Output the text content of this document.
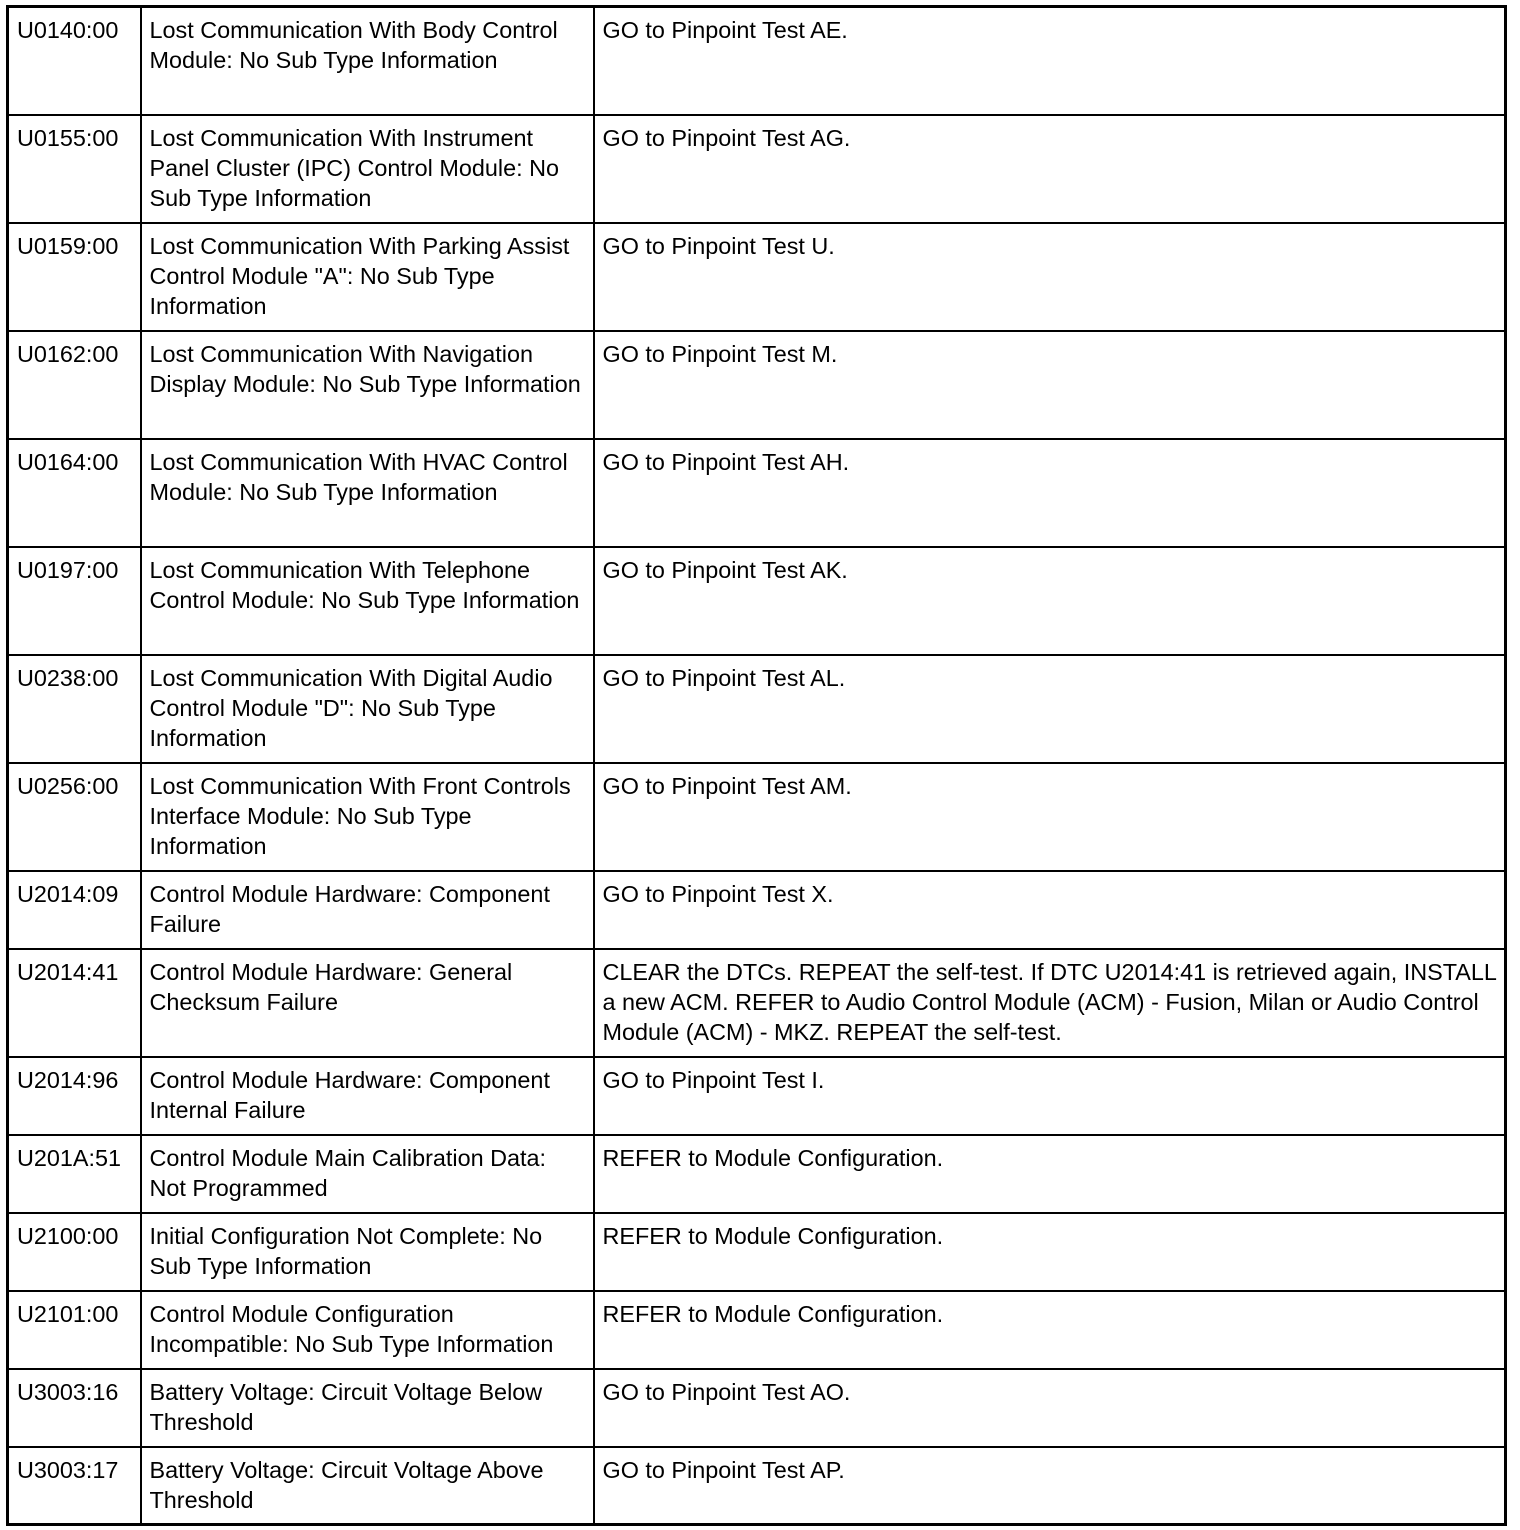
U0140:00	Lost Communication With Body Control Module: No Sub Type Information	GO to Pinpoint Test AE.
U0155:00	Lost Communication With Instrument Panel Cluster (IPC) Control Module: No Sub Type Information	GO to Pinpoint Test AG.
U0159:00	Lost Communication With Parking Assist Control Module "A": No Sub Type Information	GO to Pinpoint Test U.
U0162:00	Lost Communication With Navigation Display Module: No Sub Type Information	GO to Pinpoint Test M.
U0164:00	Lost Communication With HVAC Control Module: No Sub Type Information	GO to Pinpoint Test AH.
U0197:00	Lost Communication With Telephone Control Module: No Sub Type Information	GO to Pinpoint Test AK.
U0238:00	Lost Communication With Digital Audio Control Module "D": No Sub Type Information	GO to Pinpoint Test AL.
U0256:00	Lost Communication With Front Controls Interface Module: No Sub Type Information	GO to Pinpoint Test AM.
U2014:09	Control Module Hardware: Component Failure	GO to Pinpoint Test X.
U2014:41	Control Module Hardware: General Checksum Failure	CLEAR the DTCs. REPEAT the self-test. If DTC U2014:41 is retrieved again, INSTALL a new ACM. REFER to Audio Control Module (ACM) - Fusion, Milan or Audio Control Module (ACM) - MKZ. REPEAT the self-test.
U2014:96	Control Module Hardware: Component Internal Failure	GO to Pinpoint Test I.
U201A:51	Control Module Main Calibration Data: Not Programmed	REFER to Module Configuration.
U2100:00	Initial Configuration Not Complete: No Sub Type Information	REFER to Module Configuration.
U2101:00	Control Module Configuration Incompatible: No Sub Type Information	REFER to Module Configuration.
U3003:16	Battery Voltage: Circuit Voltage Below Threshold	GO to Pinpoint Test AO.
U3003:17	Battery Voltage: Circuit Voltage Above Threshold	GO to Pinpoint Test AP.
